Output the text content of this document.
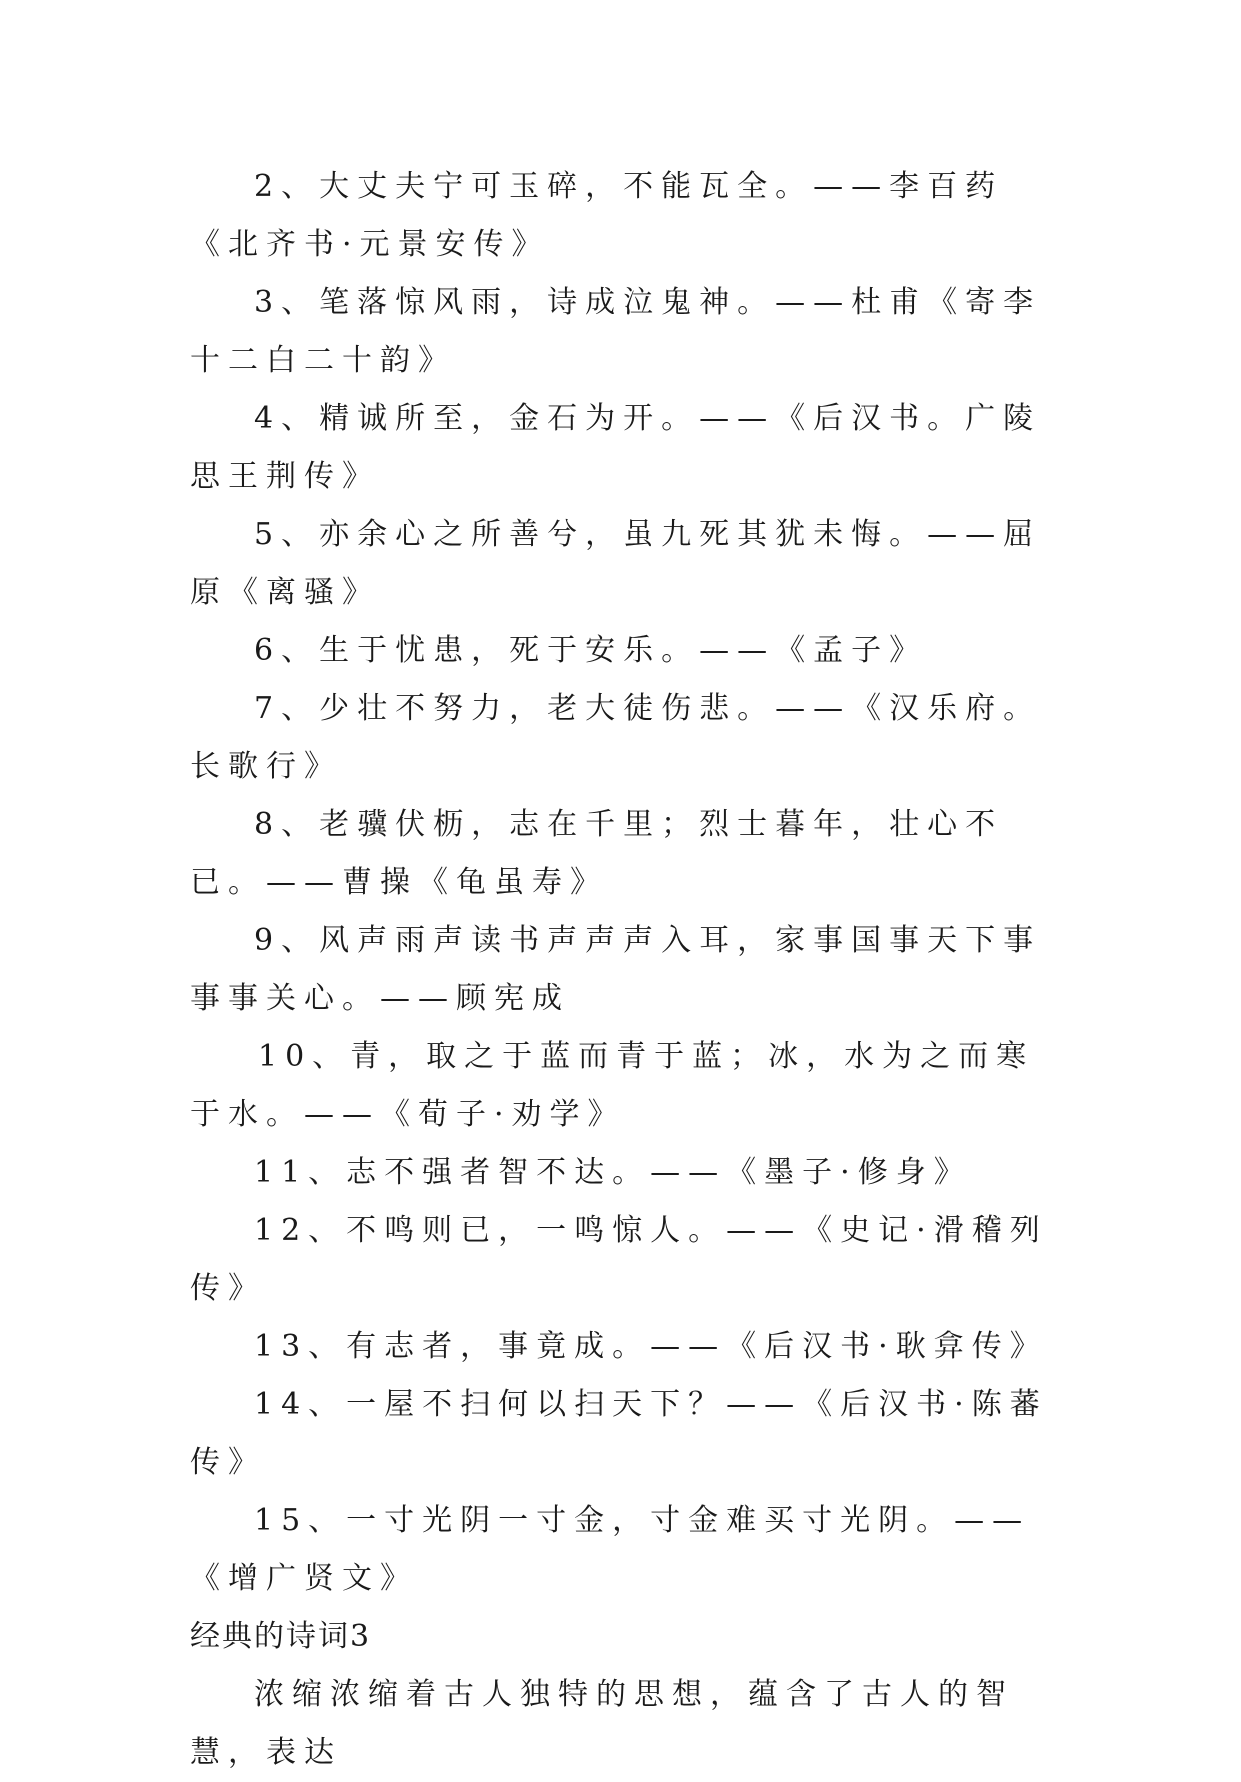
2、大丈夫宁可玉碎，不能瓦全。——李百药《北齐书·元景安传》

3、笔落惊风雨，诗成泣鬼神。——杜甫《寄李十二白二十韵》

4、精诚所至，金石为开。——《后汉书。广陵思王荆传》

5、亦余心之所善兮，虽九死其犹未悔。——屈原《离骚》

6、生于忧患，死于安乐。——《孟子》

7、少壮不努力，老大徒伤悲。——《汉乐府。长歌行》

8、老骥伏枥，志在千里；烈士暮年，壮心不已。——曹操《龟虽寿》

9、风声雨声读书声声声入耳，家事国事天下事事事关心。——顾宪成

10、青，取之于蓝而青于蓝；冰，水为之而寒于水。——《荀子·劝学》

11、志不强者智不达。——《墨子·修身》

12、不鸣则已，一鸣惊人。——《史记·滑稽列传》

13、有志者，事竟成。——《后汉书·耿弇传》

14、一屋不扫何以扫天下？——《后汉书·陈蕃传》

15、一寸光阴一寸金，寸金难买寸光阴。——《增广贤文》

经典的诗词3

浓缩浓缩着古人独特的思想，蕴含了古人的智慧，表达
